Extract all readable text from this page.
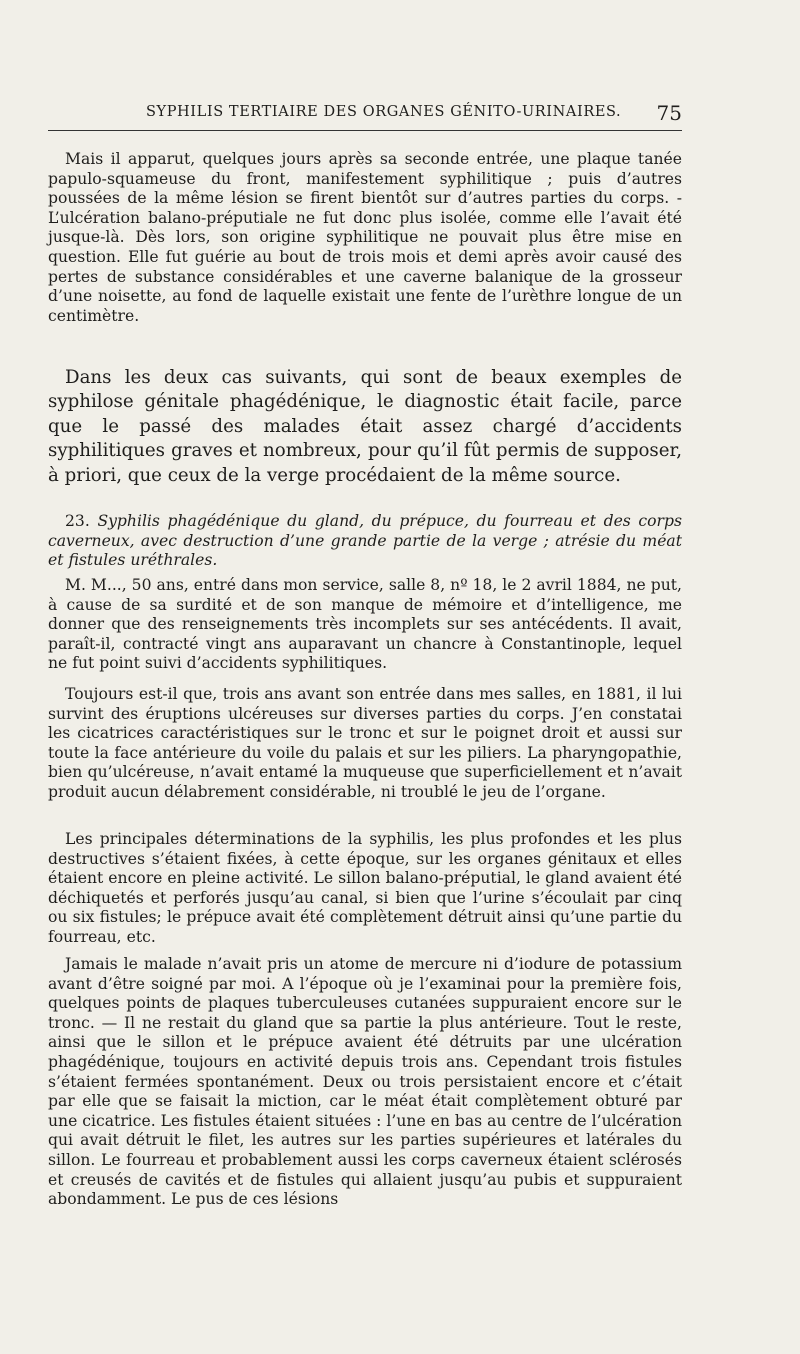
SYPHILIS TERTIAIRE DES ORGANES GÉNITO-URINAIRES. 75

Mais il apparut, quelques jours après sa seconde entrée, une plaque tanée papulo-squameuse du front, manifestement syphilitique ; puis d’autres poussées de la même lésion se firent bientôt sur d’autres parties du corps. - L’ulcération balano-préputiale ne fut donc plus isolée, comme elle l’avait été jusque-là. Dès lors, son origine syphilitique ne pouvait plus être mise en question. Elle fut guérie au bout de trois mois et demi après avoir causé des pertes de substance considérables et une caverne balanique de la grosseur d’une noisette, au fond de laquelle existait une fente de l’urèthre longue de un centimètre.

Dans les deux cas suivants, qui sont de beaux exemples de syphilose génitale phagédénique, le diagnostic était facile, parce que le passé des malades était assez chargé d’accidents syphilitiques graves et nombreux, pour qu’il fût permis de supposer, à priori, que ceux de la verge procédaient de la même source.

23. Syphilis phagédénique du gland, du prépuce, du fourreau et des corps caverneux, avec destruction d’une grande partie de la verge ; atrésie du méat et fistules uréthrales.

M. M..., 50 ans, entré dans mon service, salle 8, nº 18, le 2 avril 1884, ne put, à cause de sa surdité et de son manque de mémoire et d’intelligence, me donner que des renseignements très incomplets sur ses antécédents. Il avait, paraît-il, contracté vingt ans auparavant un chancre à Constantinople, lequel ne fut point suivi d’accidents syphilitiques.

Toujours est-il que, trois ans avant son entrée dans mes salles, en 1881, il lui survint des éruptions ulcéreuses sur diverses parties du corps. J’en constatai les cicatrices caractéristiques sur le tronc et sur le poignet droit et aussi sur toute la face antérieure du voile du palais et sur les piliers. La pharyngopathie, bien qu’ulcéreuse, n’avait entamé la muqueuse que superficiellement et n’avait produit aucun délabrement considérable, ni troublé le jeu de l’organe.

Les principales déterminations de la syphilis, les plus profondes et les plus destructives s’étaient fixées, à cette époque, sur les organes génitaux et elles étaient encore en pleine activité. Le sillon balano-préputial, le gland avaient été déchiquetés et perforés jusqu’au canal, si bien que l’urine s’écoulait par cinq ou six fistules; le prépuce avait été complètement détruit ainsi qu’une partie du fourreau, etc.

Jamais le malade n’avait pris un atome de mercure ni d’iodure de potassium avant d’être soigné par moi. A l’époque où je l’examinai pour la première fois, quelques points de plaques tuberculeuses cutanées suppuraient encore sur le tronc. — Il ne restait du gland que sa partie la plus antérieure. Tout le reste, ainsi que le sillon et le prépuce avaient été détruits par une ulcération phagédénique, toujours en activité depuis trois ans. Cependant trois fistules s’étaient fermées spontanément. Deux ou trois persistaient encore et c’était par elle que se faisait la miction, car le méat était complètement obturé par une cicatrice. Les fistules étaient situées : l’une en bas au centre de l’ulcération qui avait détruit le filet, les autres sur les parties supérieures et latérales du sillon. Le fourreau et probablement aussi les corps caverneux étaient sclérosés et creusés de cavités et de fistules qui allaient jusqu’au pubis et suppuraient abondamment. Le pus de ces lésions
